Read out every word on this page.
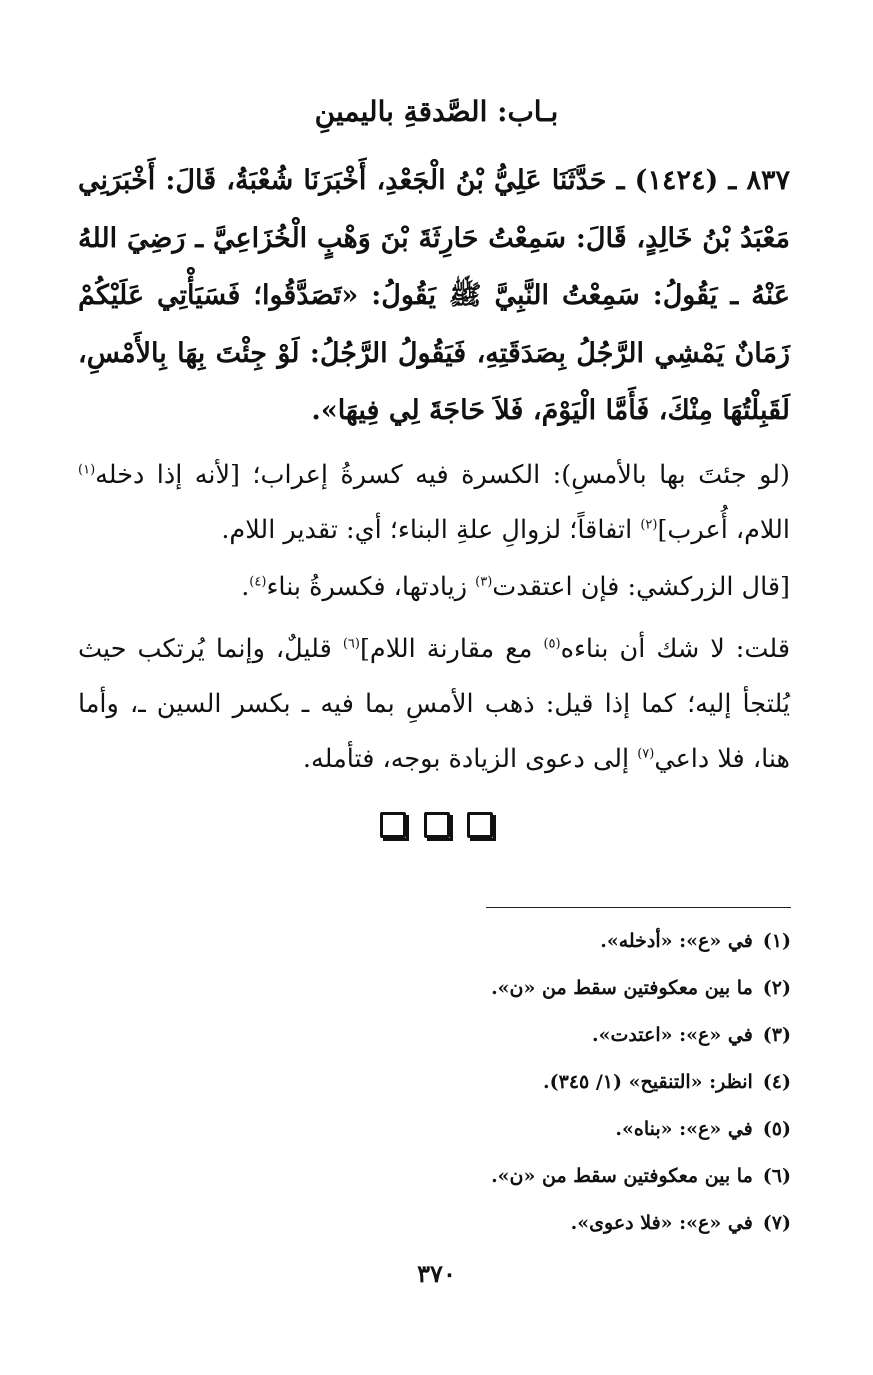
بـاب: الصَّدقةِ باليمينِ
٨٣٧ ـ (١٤٢٤) ـ حَدَّثَنَا عَلِيُّ بْنُ الْجَعْدِ، أَخْبَرَنَا شُعْبَةُ، قَالَ: أَخْبَرَنِي مَعْبَدُ بْنُ خَالِدٍ، قَالَ: سَمِعْتُ حَارِثَةَ بْنَ وَهْبٍ الْخُزَاعِيَّ ـ رَضِيَ اللهُ عَنْهُ ـ يَقُولُ: سَمِعْتُ النَّبِيَّ ﷺ يَقُولُ: «تَصَدَّقُوا؛ فَسَيَأْتِي عَلَيْكُمْ زَمَانٌ يَمْشِي الرَّجُلُ بِصَدَقَتِهِ، فَيَقُولُ الرَّجُلُ: لَوْ جِئْتَ بِهَا بِالأَمْسِ، لَقَبِلْتُهَا مِنْكَ، فَأَمَّا الْيَوْمَ، فَلاَ حَاجَةَ لِي فِيهَا».
(لو جئتَ بها بالأمسِ): الكسرة فيه كسرةُ إعراب؛ [لأنه إذا دخله$^{(١)}$ اللام، أُعرب]$^{(٢)}$ اتفاقاً؛ لزوالِ علةِ البناء؛ أي: تقدير اللام.
[قال الزركشي: فإن اعتقدت$^{(٣)}$ زيادتها، فكسرةُ بناء$^{(٤)}$.
قلت: لا شك أن بناءه$^{(٥)}$ مع مقارنة اللام]$^{(٦)}$ قليلٌ، وإنما يُرتكب حيث يُلتجأ إليه؛ كما إذا قيل: ذهب الأمسِ بما فيه ـ بكسر السين ـ، وأما هنا، فلا داعي$^{(٧)}$ إلى دعوى الزيادة بوجه، فتأمله.

(١)في «ع»: «أدخله».
(٢)ما بين معكوفتين سقط من «ن».
(٣)في «ع»: «اعتدت».
(٤)انظر: «التنقيح» (١/ ٣٤٥).
(٥)في «ع»: «بناه».
(٦)ما بين معكوفتين سقط من «ن».
(٧)في «ع»: «فلا دعوى».
٣٧٠
